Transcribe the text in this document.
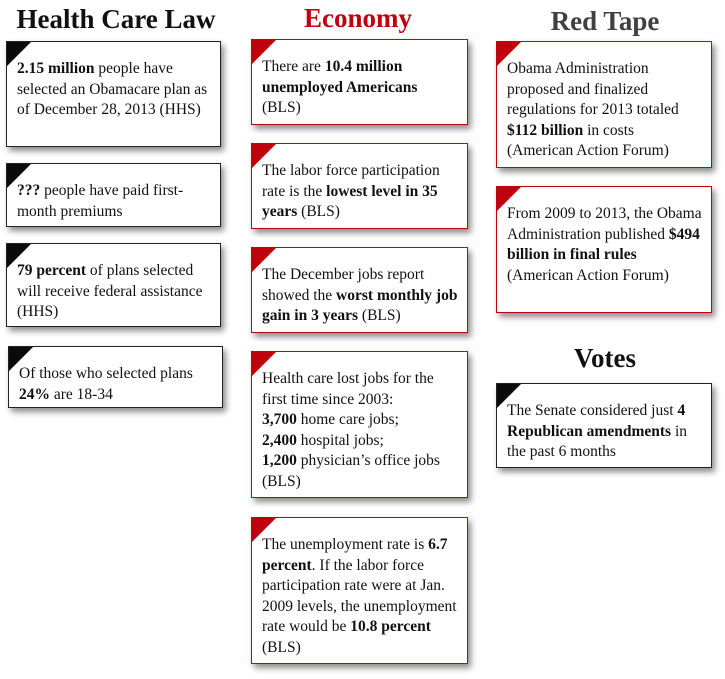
Health Care Law	Economy	Red Tape
Votes
2.15 million people have selected an Obamacare plan as of December 28, 2013 (HHS)
??? people have paid first-month premiums
79 percent of plans selected will receive federal assistance (HHS)
Of those who selected plans 24% are 18-34
There are 10.4 million unemployed Americans (BLS)
The labor force participation rate is the lowest level in 35 years (BLS)
The December jobs report showed the worst monthly job gain in 3 years (BLS)
Health care lost jobs for the first time since 2003:
3,700 home care jobs;
2,400 hospital jobs;
1,200 physician’s office jobs (BLS)
The unemployment rate is 6.7 percent. If the labor force participation rate were at Jan. 2009 levels, the unemployment rate would be 10.8 percent (BLS)
Obama Administration proposed and finalized regulations for 2013 totaled $112 billion in costs (American Action Forum)
From 2009 to 2013, the Obama Administration published $494 billion in final rules (American Action Forum)
The Senate considered just 4 Republican amendments in the past 6 months
